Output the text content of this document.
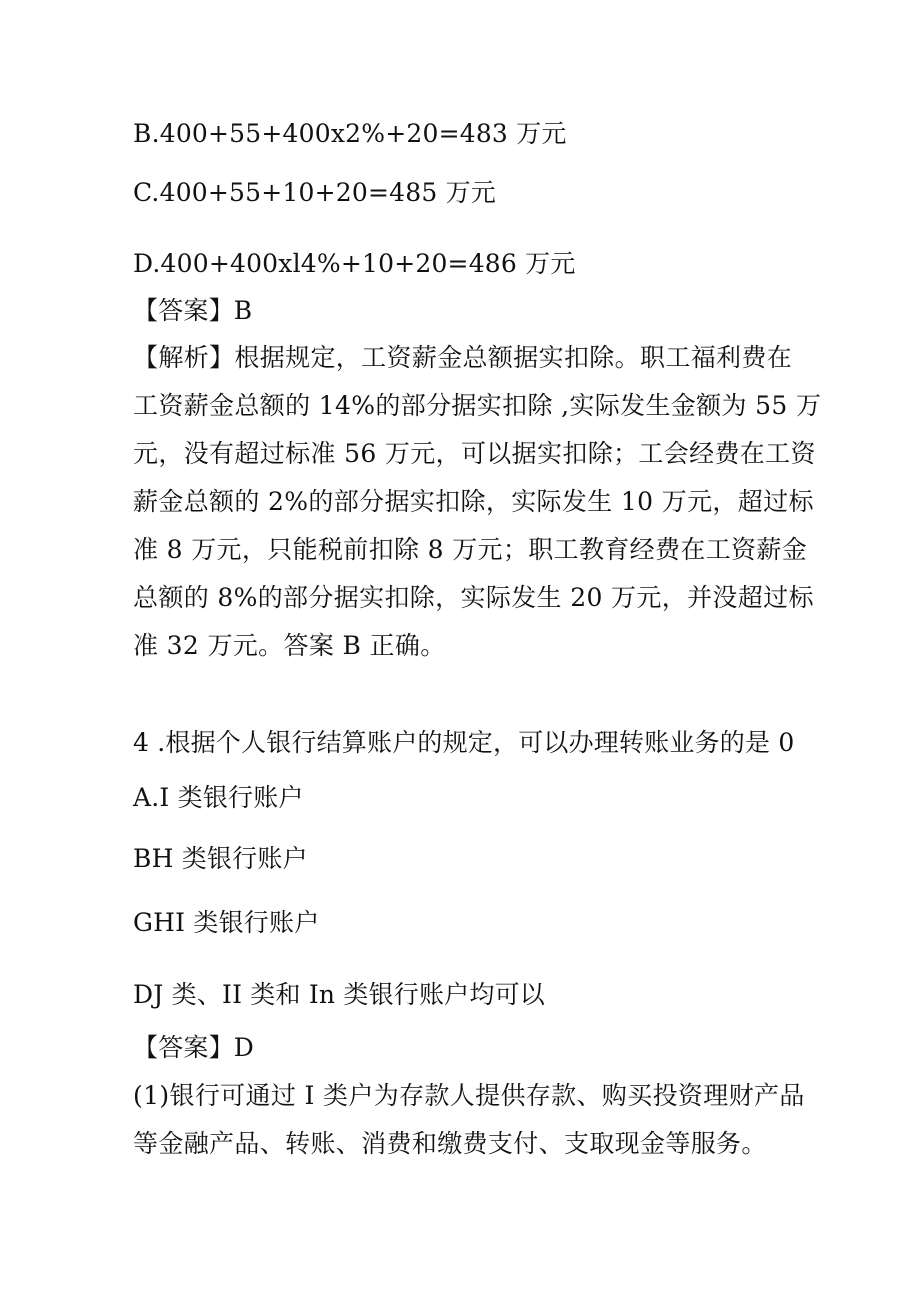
B.400+55+400x2%+20=483 万元
C.400+55+10+20=485 万元
D.400+400xl4%+10+20=486 万元
【答案】B
【解析】根据规定，工资薪金总额据实扣除。职工福利费在
工资薪金总额的 14%的部分据实扣除 ,实际发生金额为 55 万
元，没有超过标准 56 万元，可以据实扣除；工会经费在工资
薪金总额的 2%的部分据实扣除，实际发生 10 万元，超过标
准 8 万元，只能税前扣除 8 万元；职工教育经费在工资薪金
总额的 8%的部分据实扣除，实际发生 20 万元，并没超过标
准 32 万元。答案 B 正确。
4 .根据个人银行结算账户的规定，可以办理转账业务的是 0
A.I 类银行账户
BH 类银行账户
GHI 类银行账户
DJ 类、II 类和 In 类银行账户均可以
【答案】D
(1)银行可通过 I 类户为存款人提供存款、购买投资理财产品
等金融产品、转账、消费和缴费支付、支取现金等服务。
